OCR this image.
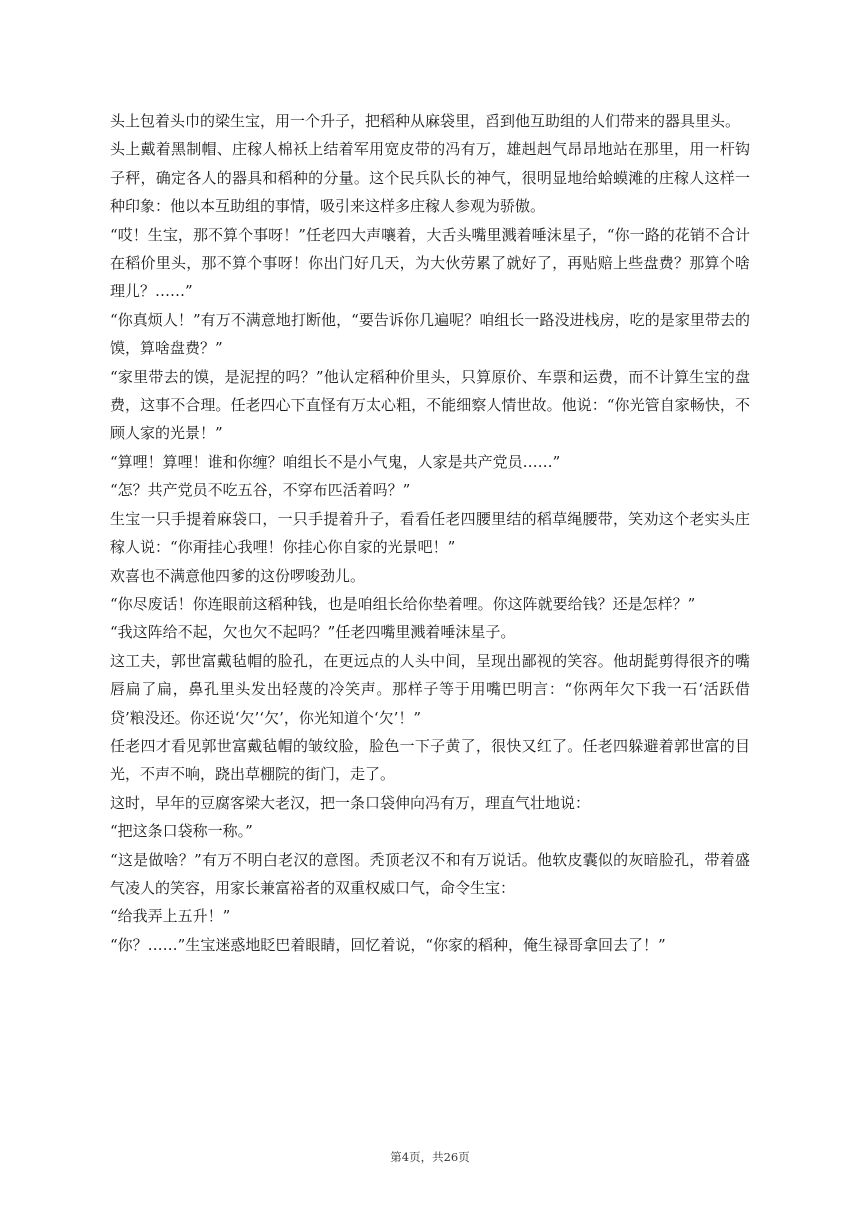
头上包着头巾的梁生宝，用一个升子，把稻种从麻袋里，舀到他互助组的人们带来的器具里头。

头上戴着黑制帽、庄稼人棉袄上结着军用宽皮带的冯有万，雄赳赳气昂昂地站在那里，用一杆钩子秤，确定各人的器具和稻种的分量。这个民兵队长的神气，很明显地给蛤蟆滩的庄稼人这样一种印象：他以本互助组的事情，吸引来这样多庄稼人参观为骄傲。

“哎！生宝，那不算个事呀！”任老四大声嚷着，大舌头嘴里溅着唾沫星子，“你一路的花销不合计在稻价里头，那不算个事呀！你出门好几天，为大伙劳累了就好了，再贴赔上些盘费？那算个啥理儿？……”

“你真烦人！”有万不满意地打断他，“要告诉你几遍呢？咱组长一路没进栈房，吃的是家里带去的馍，算啥盘费？”

“家里带去的馍，是泥捏的吗？”他认定稻种价里头，只算原价、车票和运费，而不计算生宝的盘费，这事不合理。任老四心下直怪有万太心粗，不能细察人情世故。他说：“你光管自家畅快，不顾人家的光景！”

“算哩！算哩！谁和你缠？咱组长不是小气鬼，人家是共产党员……”

“怎？共产党员不吃五谷，不穿布匹活着吗？”

生宝一只手提着麻袋口，一只手提着升子，看看任老四腰里结的稻草绳腰带，笑劝这个老实头庄稼人说：“你甭挂心我哩！你挂心你自家的光景吧！”

欢喜也不满意他四爹的这份啰唆劲儿。

“你尽废话！你连眼前这稻种钱，也是咱组长给你垫着哩。你这阵就要给钱？还是怎样？”

“我这阵给不起，欠也欠不起吗？”任老四嘴里溅着唾沫星子。

这工夫，郭世富戴毡帽的脸孔，在更远点的人头中间，呈现出鄙视的笑容。他胡髭剪得很齐的嘴唇扁了扁，鼻孔里头发出轻蔑的冷笑声。那样子等于用嘴巴明言：“你两年欠下我一石‘活跃借贷’粮没还。你还说‘欠’‘欠’，你光知道个‘欠’！”

任老四才看见郭世富戴毡帽的皱纹脸，脸色一下子黄了，很快又红了。任老四躲避着郭世富的目光，不声不响，跷出草棚院的街门，走了。

这时，早年的豆腐客梁大老汉，把一条口袋伸向冯有万，理直气壮地说：

“把这条口袋称一称。”

“这是做啥？”有万不明白老汉的意图。秃顶老汉不和有万说话。他软皮囊似的灰暗脸孔，带着盛气凌人的笑容，用家长兼富裕者的双重权威口气，命令生宝：

“给我弄上五升！”

“你？……”生宝迷惑地眨巴着眼睛，回忆着说，“你家的稻种，俺生禄哥拿回去了！”

第4页，共26页
